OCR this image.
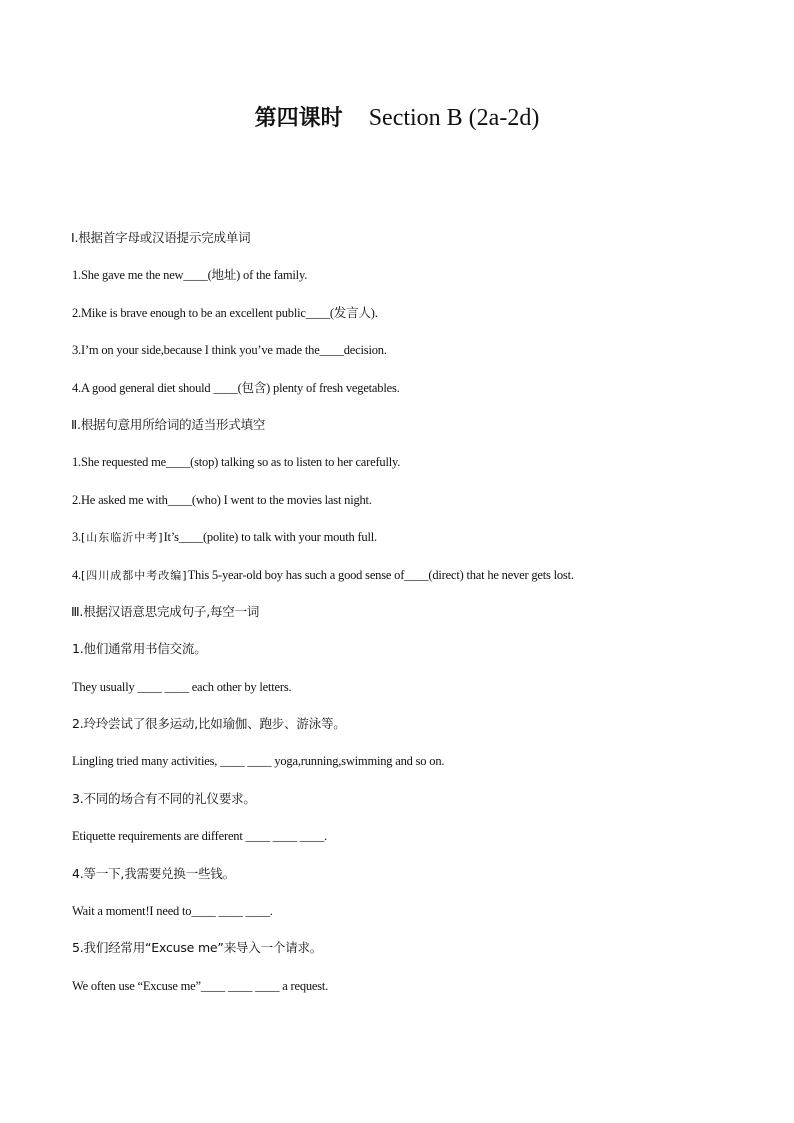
第四课时 Section B (2a-2d)
Ⅰ.根据首字母或汉语提示完成单词
1.She gave me the new____(地址) of the family.
2.Mike is brave enough to be an excellent public____(发言人).
3.I’m on your side,because I think you’ve made the____decision.
4.A good general diet should ____(包含) plenty of fresh vegetables.
Ⅱ.根据句意用所给词的适当形式填空
1.She requested me____(stop) talking so as to listen to her carefully.
2.He asked me with____(who) I went to the movies last night.
3.[山东临沂中考]It’s____(polite) to talk with your mouth full.
4.[四川成都中考改编]This 5-year-old boy has such a good sense of____(direct) that he never gets lost.
Ⅲ.根据汉语意思完成句子,每空一词
1.他们通常用书信交流。
They usually ____ ____ each other by letters.
2.玲玲尝试了很多运动,比如瑜伽、跑步、游泳等。
Lingling tried many activities, ____ ____ yoga,running,swimming and so on.
3.不同的场合有不同的礼仪要求。
Etiquette requirements are different ____ ____ ____.
4.等一下,我需要兑换一些钱。
Wait a moment!I need to____ ____ ____.
5.我们经常用“Excuse me”来导入一个请求。
We often use “Excuse me”____ ____ ____ a request.
